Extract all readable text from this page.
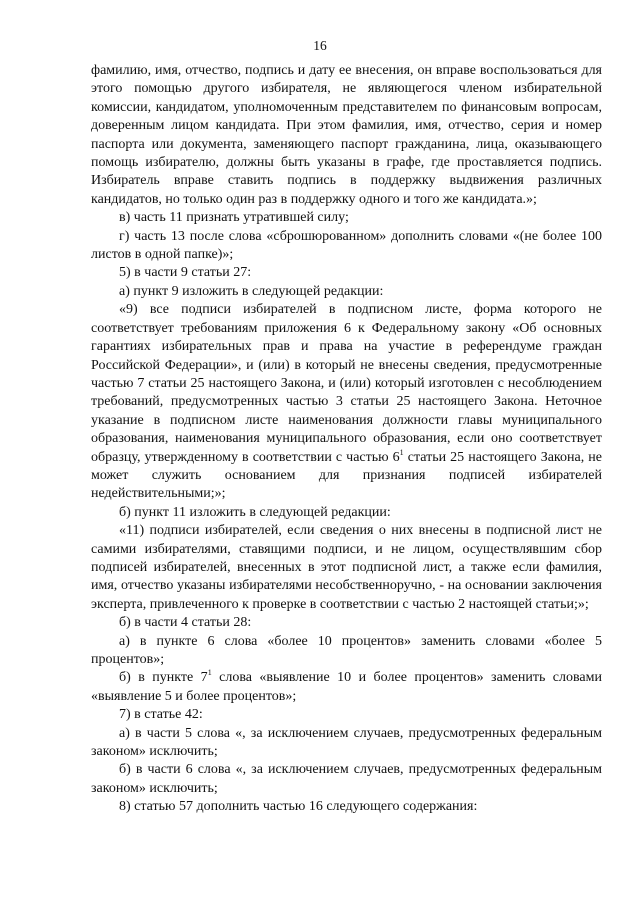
16

фамилию, имя, отчество, подпись и дату ее внесения, он вправе воспользоваться для этого помощью другого избирателя, не являющегося членом избирательной комиссии, кандидатом, уполномоченным представителем по финансовым вопросам, доверенным лицом кандидата. При этом фамилия, имя, отчество, серия и номер паспорта или документа, заменяющего паспорт гражданина, лица, оказывающего помощь избирателю, должны быть указаны в графе, где проставляется подпись. Избиратель вправе ставить подпись в поддержку выдвижения различных кандидатов, но только один раз в поддержку одного и того же кандидата.»;

в) часть 11 признать утратившей силу;

г) часть 13 после слова «сброшюрованном» дополнить словами «(не более 100 листов в одной папке)»;

5) в части 9 статьи 27:

а) пункт 9 изложить в следующей редакции:

«9) все подписи избирателей в подписном листе, форма которого не соответствует требованиям приложения 6 к Федеральному закону «Об основных гарантиях избирательных прав и права на участие в референдуме граждан Российской Федерации», и (или) в который не внесены сведения, предусмотренные частью 7 статьи 25 настоящего Закона, и (или) который изготовлен с несоблюдением требований, предусмотренных частью 3 статьи 25 настоящего Закона. Неточное указание в подписном листе наименования должности главы муниципального образования, наименования муниципального образования, если оно соответствует образцу, утвержденному в соответствии с частью $6^1$ статьи 25 настоящего Закона, не может служить основанием для признания подписей избирателей недействительными;»;

б) пункт 11 изложить в следующей редакции:

«11) подписи избирателей, если сведения о них внесены в подписной лист не самими избирателями, ставящими подписи, и не лицом, осуществлявшим сбор подписей избирателей, внесенных в этот подписной лист, а также если фамилия, имя, отчество указаны избирателями несобственноручно, - на основании заключения эксперта, привлеченного к проверке в соответствии с частью 2 настоящей статьи;»;

б) в части 4 статьи 28:

а) в пункте 6 слова «более 10 процентов» заменить словами «более 5 процентов»;

б) в пункте $7^1$ слова «выявление 10 и более процентов» заменить словами «выявление 5 и более процентов»;

7) в статье 42:

а) в части 5 слова «, за исключением случаев, предусмотренных федеральным законом» исключить;

б) в части 6 слова «, за исключением случаев, предусмотренных федеральным законом» исключить;

8) статью 57 дополнить частью 16 следующего содержания:
